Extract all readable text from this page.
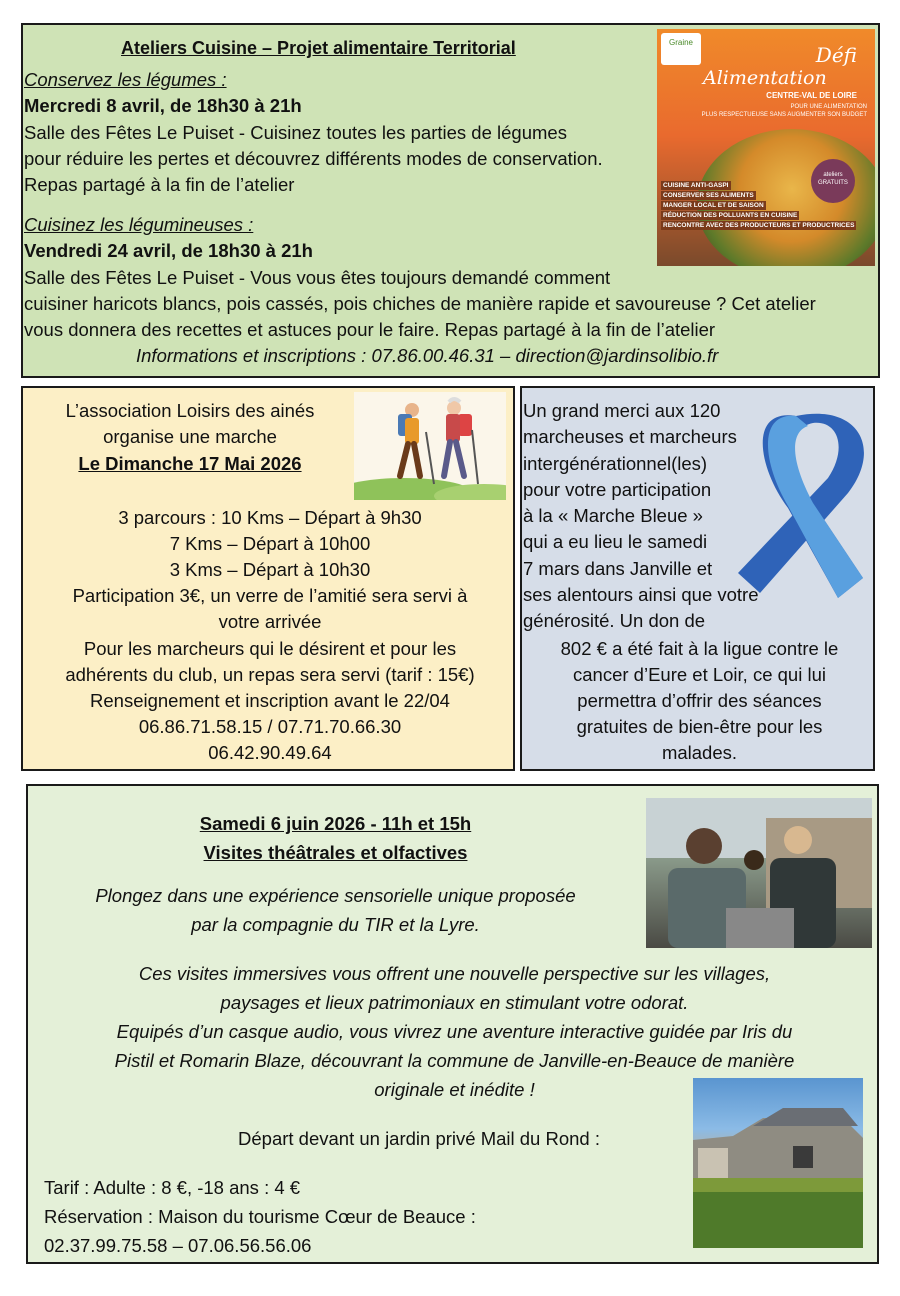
Ateliers Cuisine – Projet alimentaire Territorial
Conservez les légumes :
Mercredi 8 avril, de 18h30 à 21h
Salle des Fêtes Le Puiset - Cuisinez toutes les parties de légumes
pour réduire les pertes et découvrez différents modes de conservation.
Repas partagé à la fin de l’atelier
Cuisinez les légumineuses :
Vendredi 24 avril, de 18h30 à 21h
Salle des Fêtes Le Puiset - Vous vous êtes toujours demandé comment
cuisiner haricots blancs, pois cassés, pois chiches de manière rapide et savoureuse ? Cet atelier
vous donnera des recettes et astuces pour le faire. Repas partagé à la fin de l’atelier
Informations et inscriptions : 07.86.00.46.31 – direction@jardinsolibio.fr
Graine
Défi
Alimentation
CENTRE-VAL DE LOIRE
POUR UNE ALIMENTATION
PLUS RESPECTUEUSE SANS AUGMENTER SON BUDGET
ateliers
GRATUITS
CUISINE ANTI-GASPI
CONSERVER SES ALIMENTS
MANGER LOCAL ET DE SAISON
RÉDUCTION DES POLLUANTS EN CUISINE
RENCONTRE AVEC DES PRODUCTEURS ET PRODUCTRICES
L’association Loisirs des ainés
organise une marche
Le Dimanche 17 Mai 2026
3 parcours : 10 Kms – Départ à 9h30
7 Kms – Départ à 10h00
3 Kms – Départ à 10h30
Participation 3€, un verre de l’amitié sera servi à
votre arrivée
Pour les marcheurs qui le désirent et pour les
adhérents du club, un repas sera servi (tarif : 15€)
Renseignement et inscription avant le 22/04
06.86.71.58.15 / 07.71.70.66.30
06.42.90.49.64
Un grand merci aux 120
marcheuses et marcheurs
intergénérationnel(les)
pour votre participation
à la « Marche Bleue »
qui a eu lieu le samedi
7 mars dans Janville et
ses alentours ainsi que votre
générosité. Un don de
802 € a été fait à la ligue contre le
cancer d’Eure et Loir, ce qui lui
permettra d’offrir des séances
gratuites de bien-être pour les
malades.
Samedi 6 juin 2026 - 11h et 15h
Visites théâtrales et olfactives
Plongez dans une expérience sensorielle unique proposée
par la compagnie du TIR et la Lyre.
Ces visites immersives vous offrent une nouvelle perspective sur les villages,
paysages et lieux patrimoniaux en stimulant votre odorat.
Equipés d’un casque audio, vous vivrez une aventure interactive guidée par Iris du
Pistil et Romarin Blaze, découvrant la commune de Janville-en-Beauce de manière
originale et inédite !
Départ devant un jardin privé Mail du Rond :
Tarif : Adulte : 8 €, -18 ans : 4 €
Réservation : Maison du tourisme Cœur de Beauce :
02.37.99.75.58 – 07.06.56.56.06
